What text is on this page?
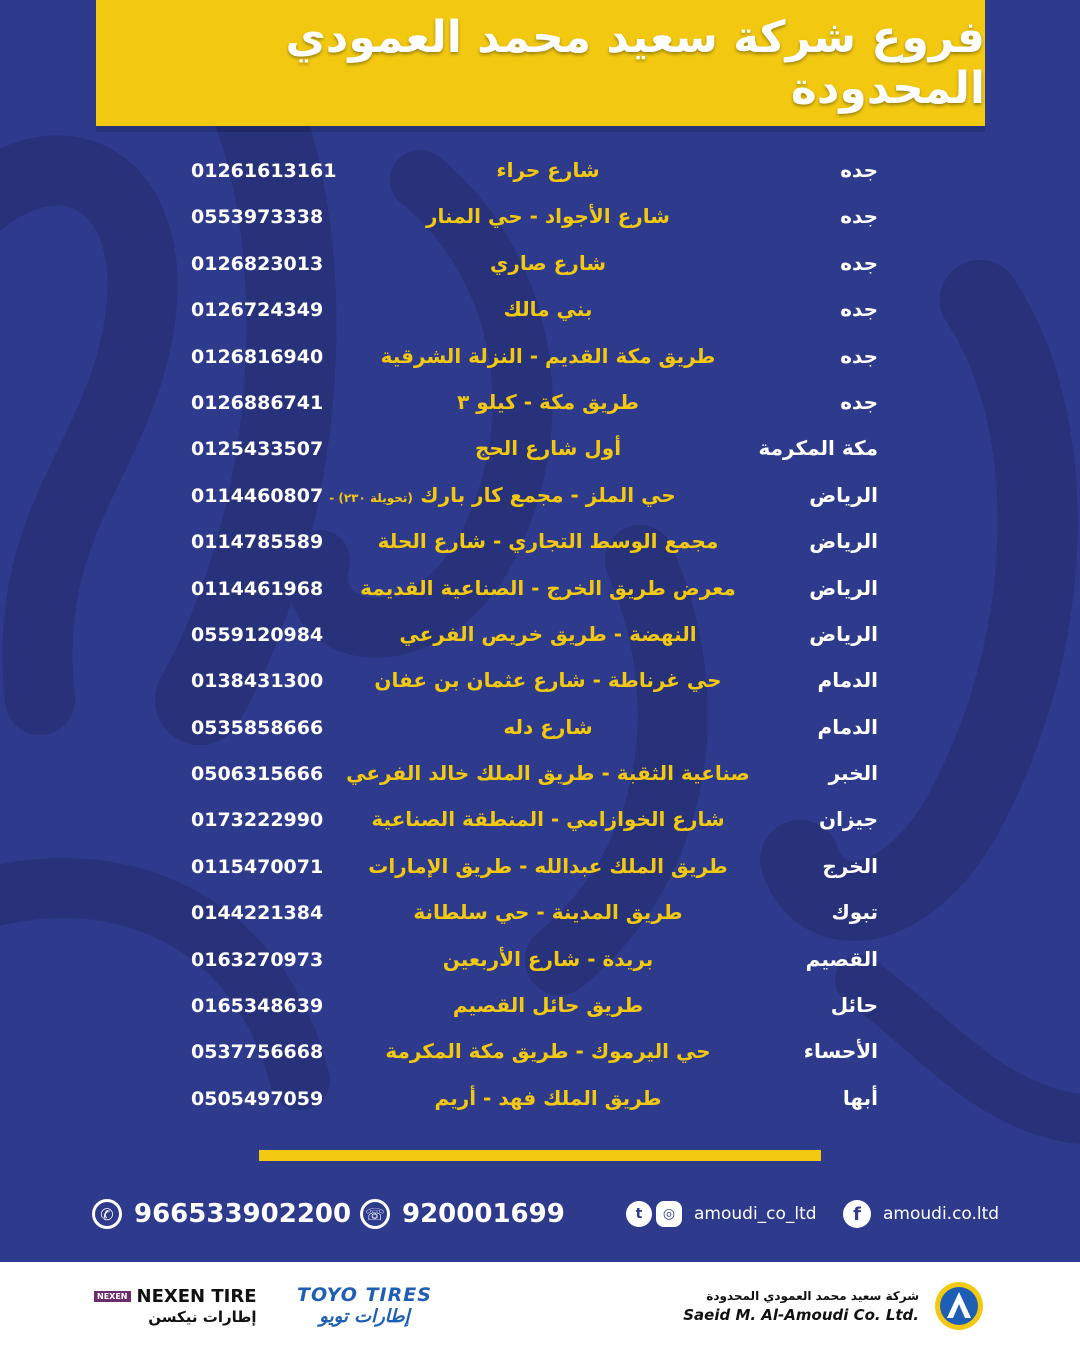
فروع شركة سعيد محمد العمودي المحدودة
جده
شارع حراء
01261613161
جده
شارع الأجواد - حي المنار
0553973338
جده
شارع صاري
0126823013
جده
بني مالك
0126724349
جده
طريق مكة القديم - النزلة الشرقية
0126816940
جده
طريق مكة - كيلو ٣
0126886741
مكة المكرمة
أول شارع الحج
0125433507
الرياض
حي الملز - مجمع كار بارك
0114460807 (تحويلة ٢٣٠) -
الرياض
مجمع الوسط التجاري - شارع الحلة
0114785589
الرياض
معرض طريق الخرج - الصناعية القديمة
0114461968
الرياض
النهضة - طريق خريص الفرعي
0559120984
الدمام
حي غرناطة - شارع عثمان بن عفان
0138431300
الدمام
شارع دله
0535858666
الخبر
صناعية الثقبة - طريق الملك خالد الفرعي
0506315666
جيزان
شارع الخوازامي - المنطقة الصناعية
0173222990
الخرج
طريق الملك عبدالله - طريق الإمارات
0115470071
تبوك
طريق المدينة - حي سلطانة
0144221384
القصيم
بريدة - شارع الأربعين
0163270973
حائل
طريق حائل القصيم
0165348639
الأحساء
حي اليرموك - طريق مكة المكرمة
0537756668
أبها
طريق الملك فهد - أريم
0505497059
✆ 966533902200 ☏ 920001699	t	◎	amoudi_co_ltd	f	amoudi.co.ltd
NEXEN NEXEN TIRE
إطارات نيكسن
TOYO TIRES
إطارات تويو
شركة سعيد محمد العمودي المحدودة
Saeid M. Al-Amoudi Co. Ltd.
